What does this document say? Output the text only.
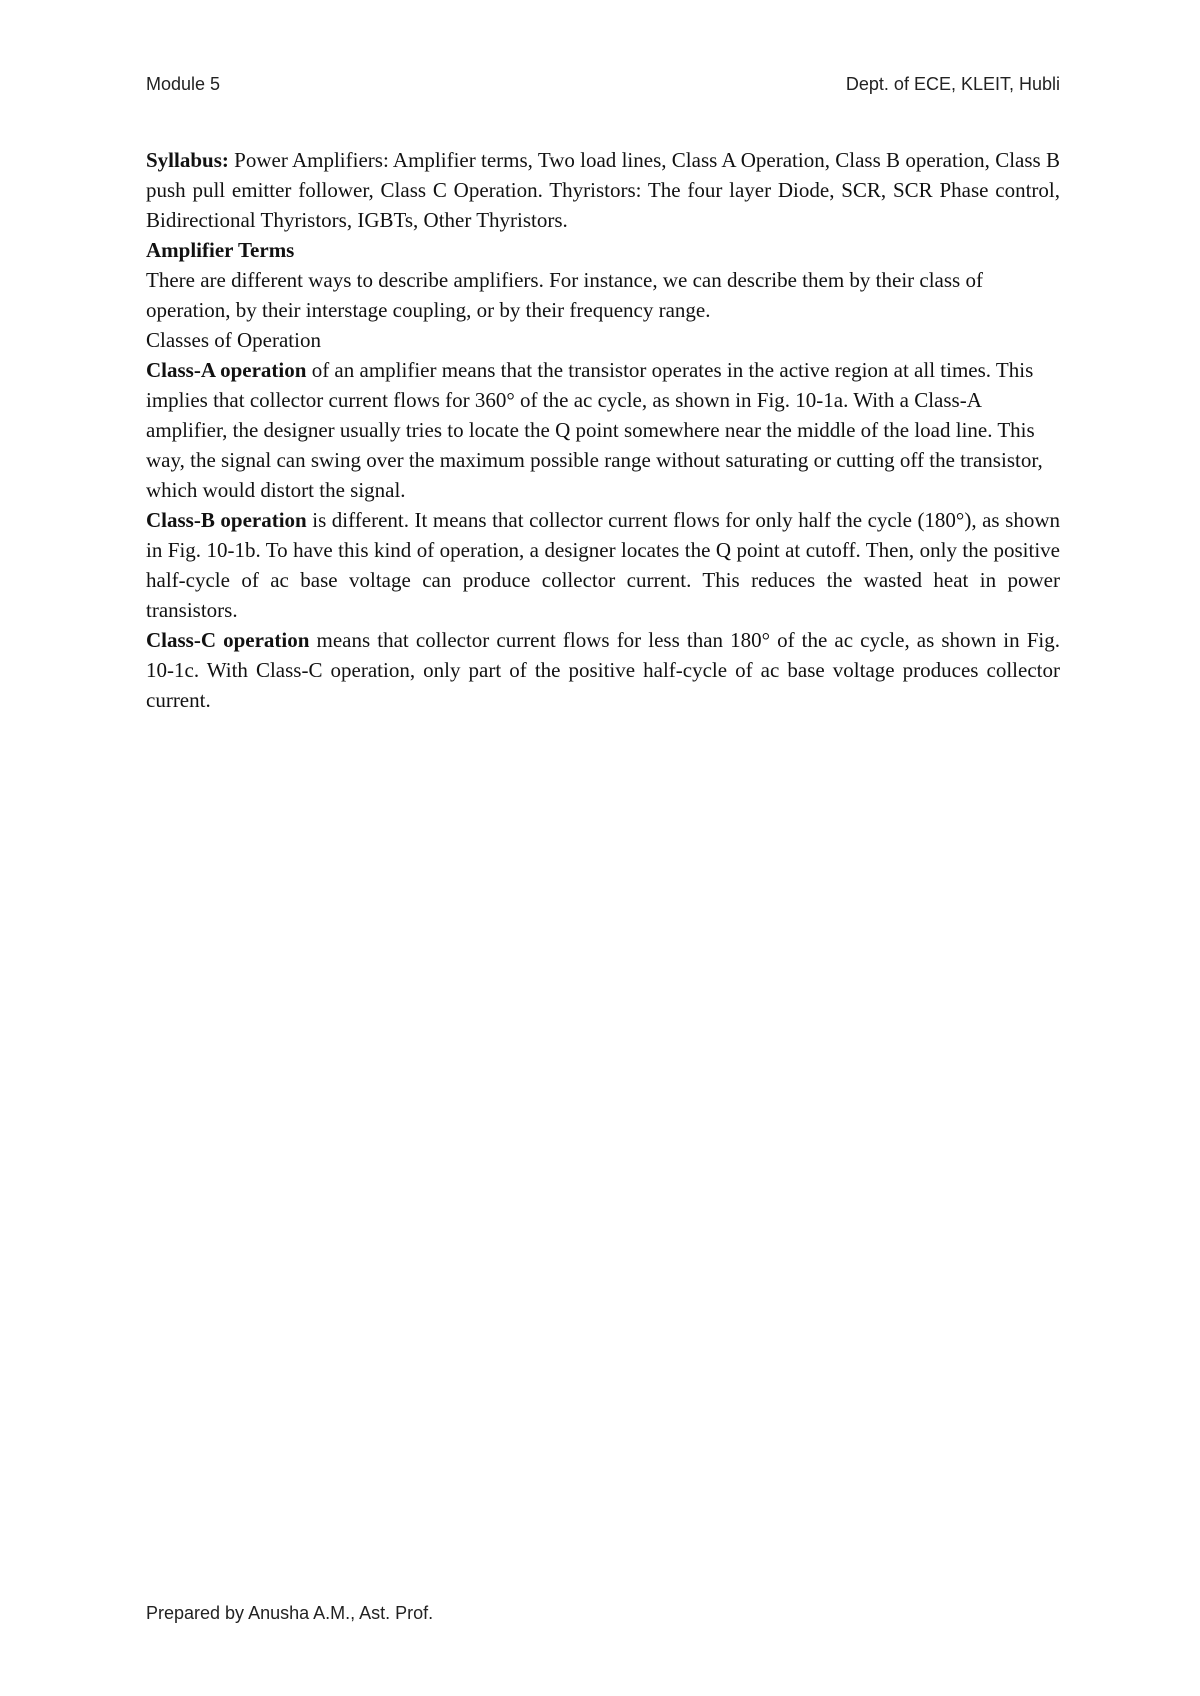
Module 5	Dept. of ECE, KLEIT, Hubli

Syllabus: Power Amplifiers: Amplifier terms, Two load lines, Class A Operation, Class B operation, Class B push pull emitter follower, Class C Operation. Thyristors: The four layer Diode, SCR, SCR Phase control, Bidirectional Thyristors, IGBTs, Other Thyristors.

Amplifier Terms

There are different ways to describe amplifiers. For instance, we can describe them by their class of operation, by their interstage coupling, or by their frequency range.

Classes of Operation

Class-A operation of an amplifier means that the transistor operates in the active region at all times. This implies that collector current flows for 360° of the ac cycle, as shown in Fig. 10-1a. With a Class-A amplifier, the designer usually tries to locate the Q point somewhere near the middle of the load line. This way, the signal can swing over the maximum possible range without saturating or cutting off the transistor, which would distort the signal.

Class-B operation is different. It means that collector current flows for only half the cycle (180°), as shown in Fig. 10-1b. To have this kind of operation, a designer locates the Q point at cutoff. Then, only the positive half-cycle of ac base voltage can produce collector current. This reduces the wasted heat in power transistors.

Class-C operation means that collector current flows for less than 180° of the ac cycle, as shown in Fig. 10-1c. With Class-C operation, only part of the positive half-cycle of ac base voltage produces collector current.

Prepared by Anusha A.M., Ast. Prof.
